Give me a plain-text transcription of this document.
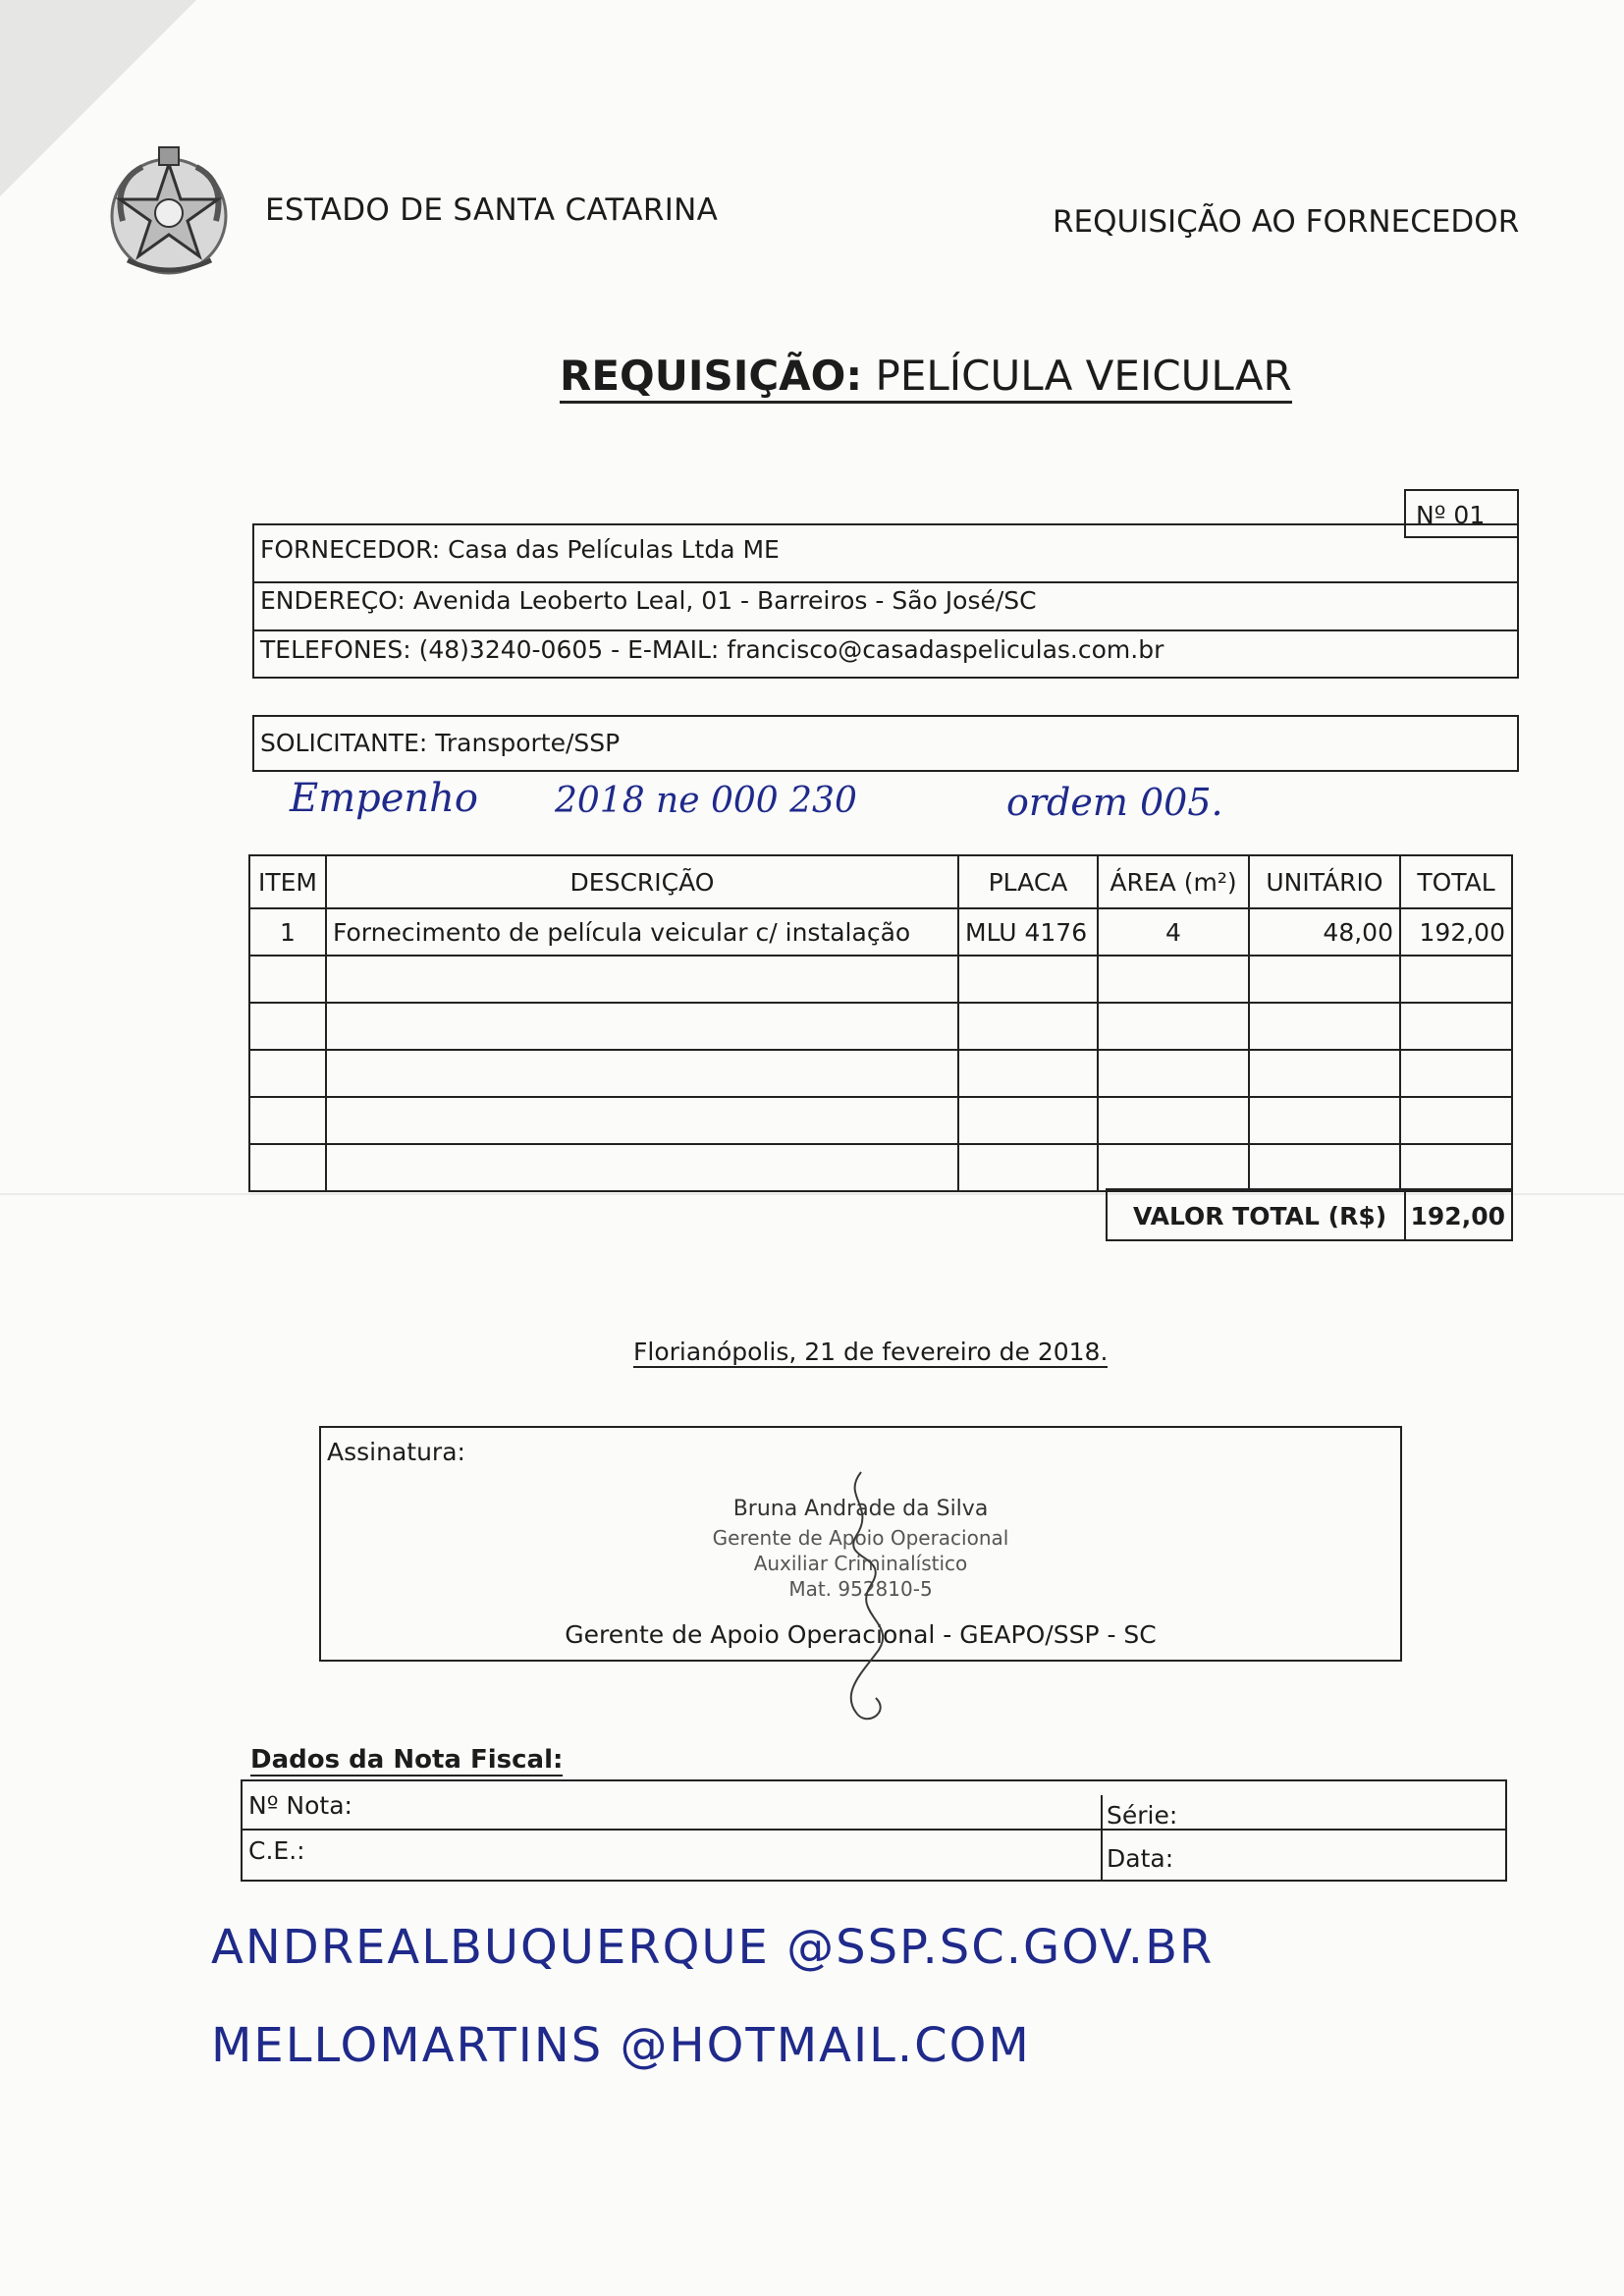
ESTADO DE SANTA CATARINA	REQUISIÇÃO AO FORNECEDOR
REQUISIÇÃO: PELÍCULA VEICULAR
Nº 01
FORNECEDOR: Casa das Películas Ltda ME
ENDEREÇO: Avenida Leoberto Leal, 01 - Barreiros - São José/SC
TELEFONES: (48)3240-0605 - E-MAIL: francisco@casadaspeliculas.com.br
SOLICITANTE: Transporte/SSP
Empenho 2018 ne 000 230	ordem 005.
ITEM	DESCRIÇÃO	PLACA	ÁREA (m²)	UNITÁRIO	TOTAL
1	Fornecimento de película veicular c/ instalação	MLU 4176	4	48,00	192,00

VALOR TOTAL (R$) 192,00
Florianópolis, 21 de fevereiro de 2018.
Assinatura:
Bruna Andrade da Silva
Gerente de Apoio Operacional
Auxiliar Criminalístico
Mat. 952810-5
Gerente de Apoio Operacional - GEAPO/SSP - SC
Dados da Nota Fiscal:
Nº Nota:	Série:
C.E.:	Data:
ANDREALBUQUERQUE @SSP.SC.GOV.BR
MELLOMARTINS @HOTMAIL.COM
